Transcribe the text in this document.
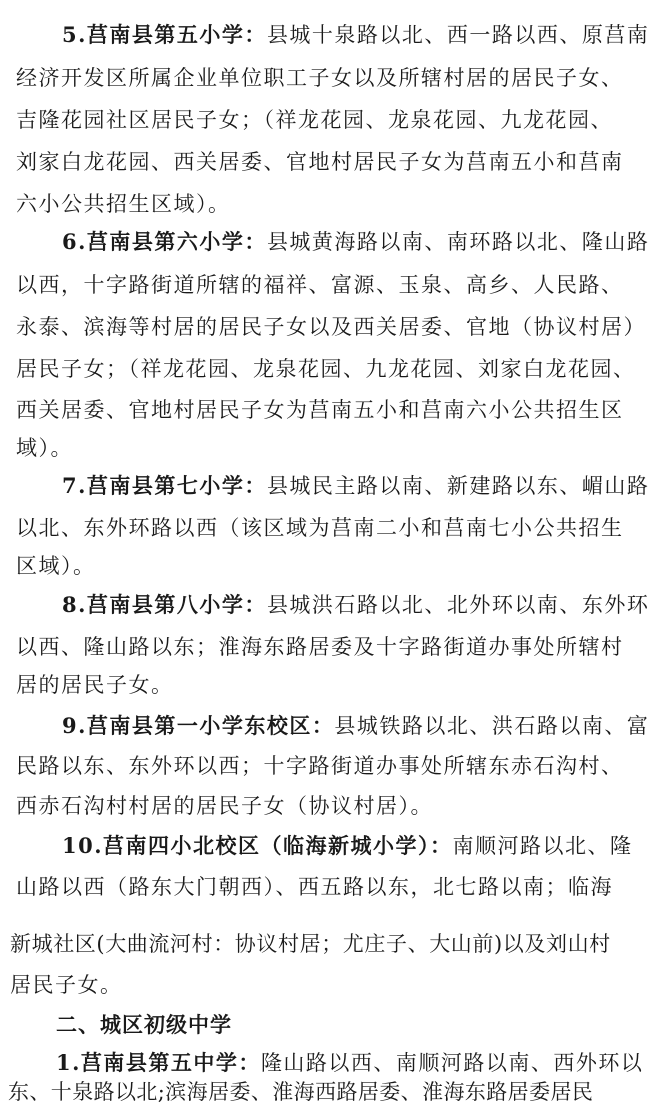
5.莒南县第五小学：县城十泉路以北、西一路以西、原莒南
经济开发区所属企业单位职工子女以及所辖村居的居民子女、
吉隆花园社区居民子女；（祥龙花园、龙泉花园、九龙花园、
刘家白龙花园、西关居委、官地村居民子女为莒南五小和莒南
六小公共招生区域）。
6.莒南县第六小学：县城黄海路以南、南环路以北、隆山路
以西，十字路街道所辖的福祥、富源、玉泉、高乡、人民路、
永泰、滨海等村居的居民子女以及西关居委、官地（协议村居）
居民子女；（祥龙花园、龙泉花园、九龙花园、刘家白龙花园、
西关居委、官地村居民子女为莒南五小和莒南六小公共招生区
域）。
7.莒南县第七小学：县城民主路以南、新建路以东、嵋山路
以北、东外环路以西（该区域为莒南二小和莒南七小公共招生
区域）。
8.莒南县第八小学：县城洪石路以北、北外环以南、东外环
以西、隆山路以东；淮海东路居委及十字路街道办事处所辖村
居的居民子女。
9.莒南县第一小学东校区：县城铁路以北、洪石路以南、富
民路以东、东外环以西；十字路街道办事处所辖东赤石沟村、
西赤石沟村村居的居民子女（协议村居）。
10.莒南四小北校区（临海新城小学）：南顺河路以北、隆
山路以西（路东大门朝西）、西五路以东，北七路以南；临海
新城社区(大曲流河村：协议村居；尤庄子、大山前)以及刘山村
居民子女。
二、城区初级中学
1.莒南县第五中学：隆山路以西、南顺河路以南、西外环以
东、十泉路以北;滨海居委、淮海西路居委、淮海东路居委居民
